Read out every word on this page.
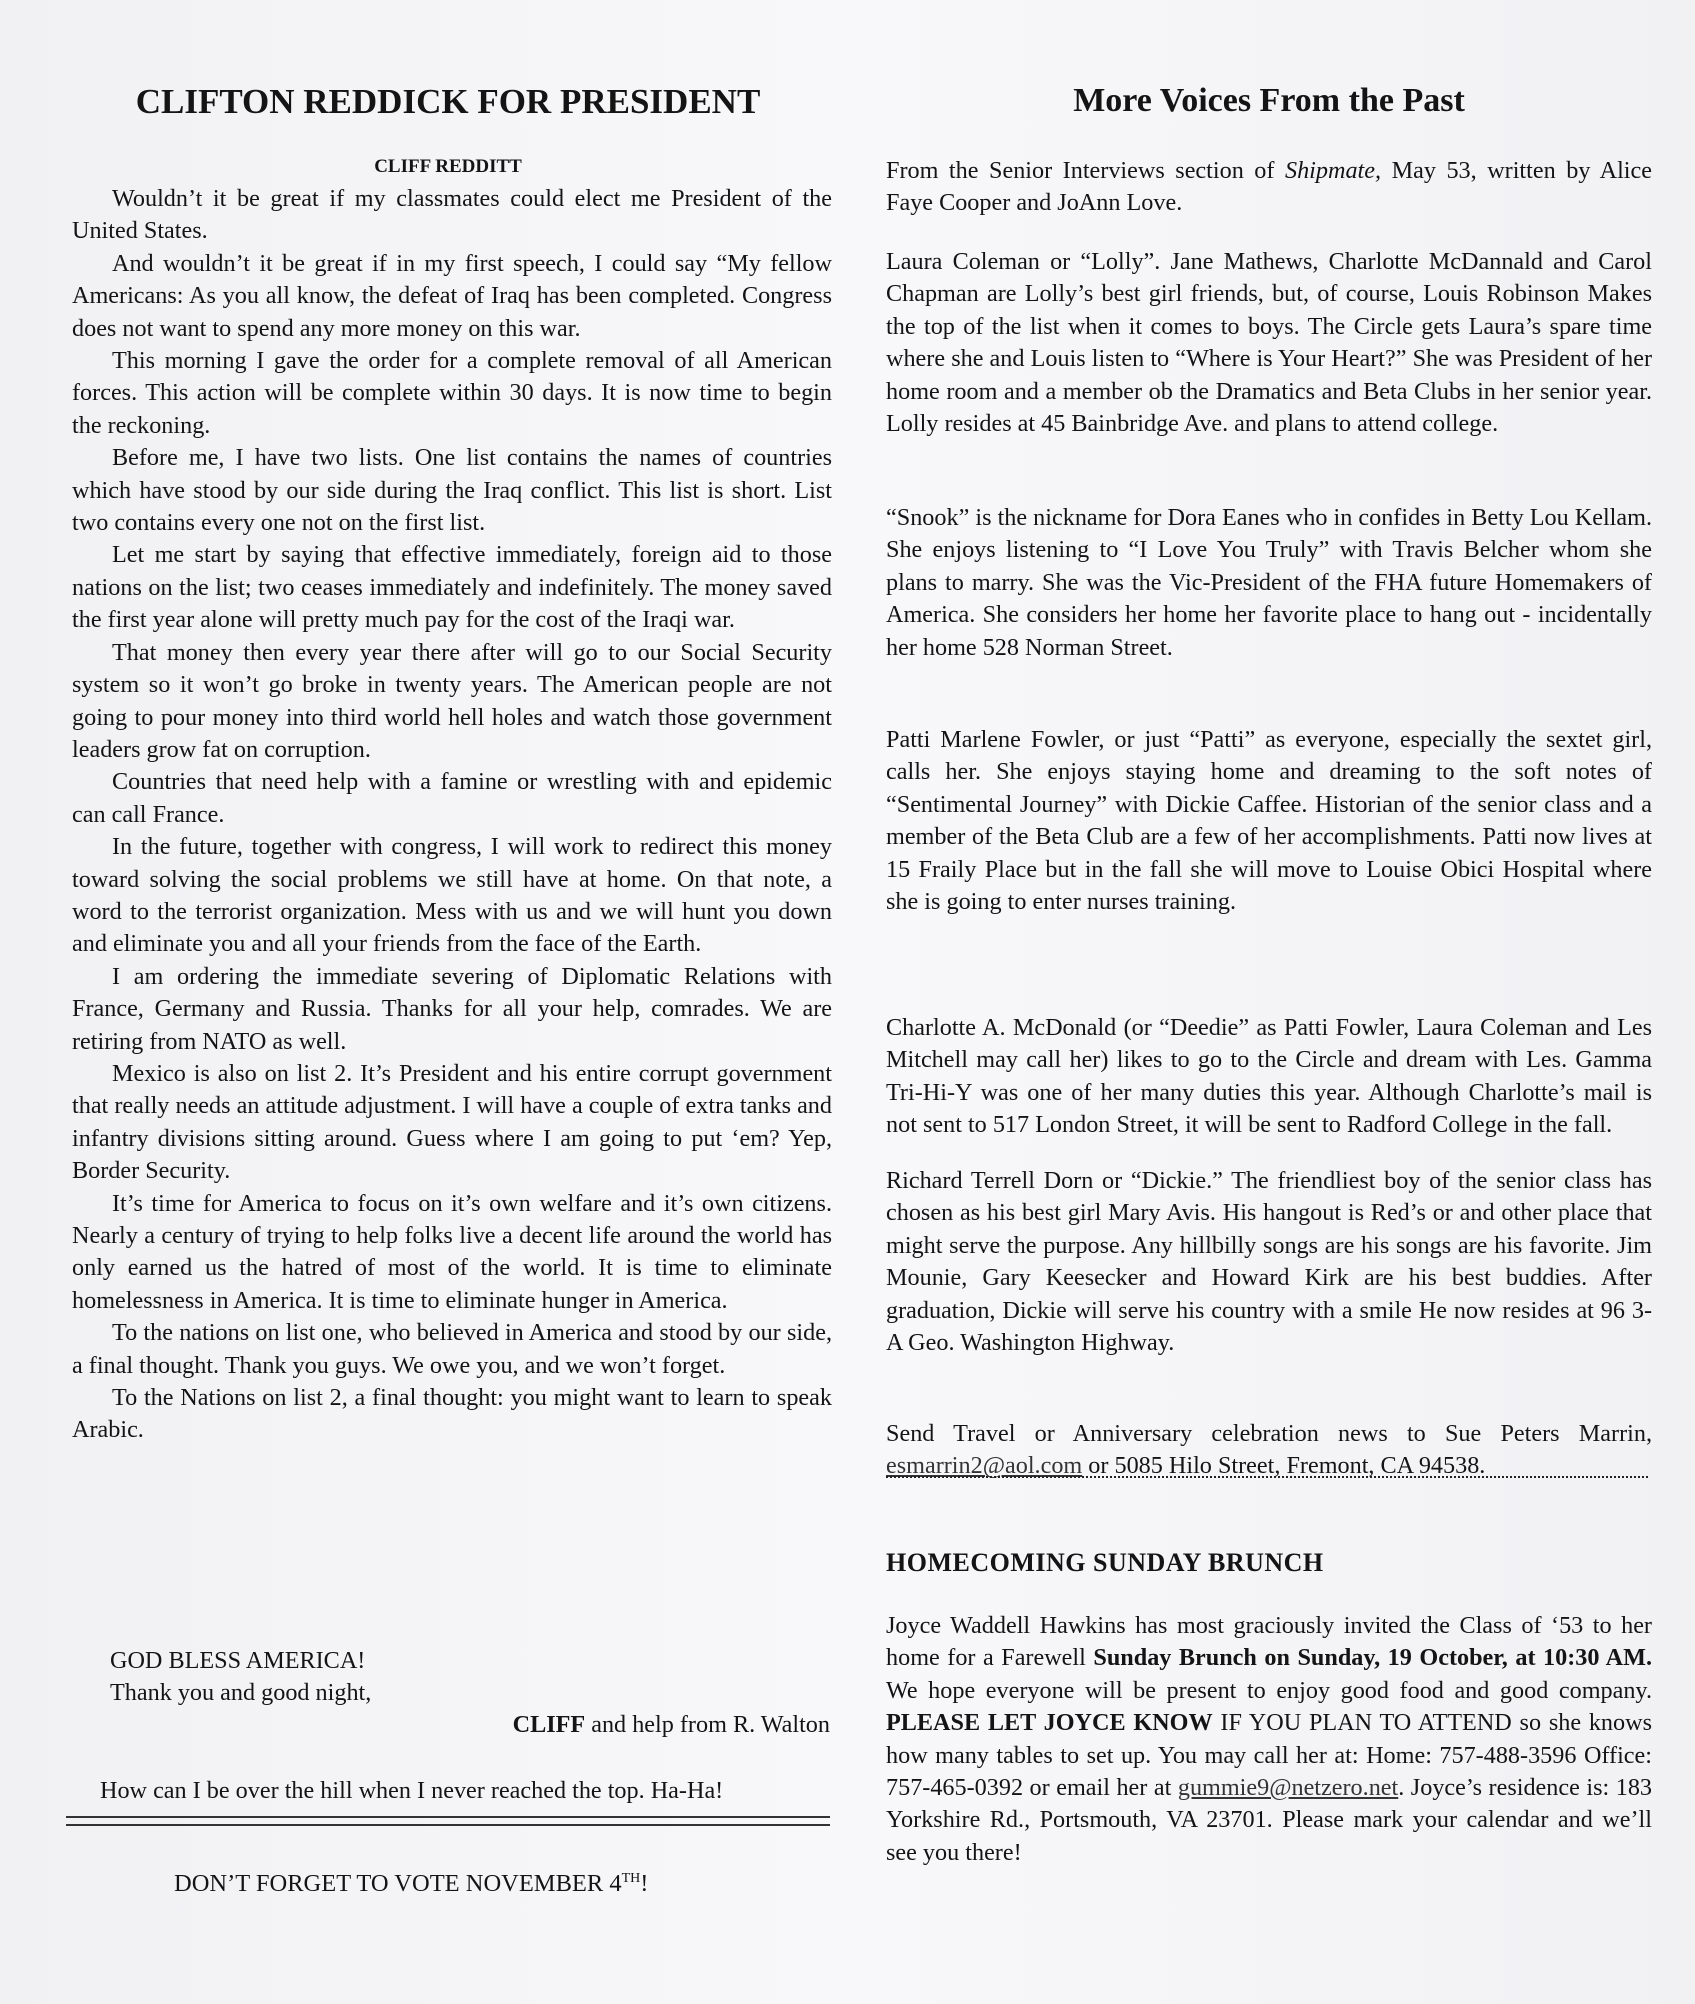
CLIFTON REDDICK FOR PRESIDENT
CLIFF REDDITT

Wouldn’t it be great if my classmates could elect me President of the United States.

And wouldn’t it be great if in my first speech, I could say “My fellow Americans: As you all know, the defeat of Iraq has been completed. Congress does not want to spend any more money on this war.

This morning I gave the order for a complete removal of all American forces. This action will be complete within 30 days. It is now time to begin the reckoning.

Before me, I have two lists. One list contains the names of countries which have stood by our side during the Iraq conflict. This list is short. List two contains every one not on the first list.

Let me start by saying that effective immediately, foreign aid to those nations on the list; two ceases immediately and indefinitely. The money saved the first year alone will pretty much pay for the cost of the Iraqi war.

That money then every year there after will go to our Social Security system so it won’t go broke in twenty years. The American people are not going to pour money into third world hell holes and watch those government leaders grow fat on corruption.

Countries that need help with a famine or wrestling with and epidemic can call France.

In the future, together with congress, I will work to redirect this money toward solving the social problems we still have at home. On that note, a word to the terrorist organization. Mess with us and we will hunt you down and eliminate you and all your friends from the face of the Earth.

I am ordering the immediate severing of Diplomatic Relations with France, Germany and Russia. Thanks for all your help, comrades. We are retiring from NATO as well.

Mexico is also on list 2. It’s President and his entire corrupt government that really needs an attitude adjustment. I will have a couple of extra tanks and infantry divisions sitting around. Guess where I am going to put ‘em? Yep, Border Security.

It’s time for America to focus on it’s own welfare and it’s own citizens. Nearly a century of trying to help folks live a decent life around the world has only earned us the hatred of most of the world. It is time to eliminate homelessness in America. It is time to eliminate hunger in America.

To the nations on list one, who believed in America and stood by our side, a final thought. Thank you guys. We owe you, and we won’t forget.

To the Nations on list 2, a final thought: you might want to learn to speak Arabic.

GOD BLESS AMERICA!
Thank you and good night,
CLIFF and help from R. Walton
How can I be over the hill when I never reached the top. Ha-Ha!
DON’T FORGET TO VOTE NOVEMBER 4TH!
More Voices From the Past

From the Senior Interviews section of Shipmate, May 53, written by Alice Faye Cooper and JoAnn Love.

Laura Coleman or “Lolly”. Jane Mathews, Charlotte McDannald and Carol Chapman are Lolly’s best girl friends, but, of course, Louis Robinson Makes the top of the list when it comes to boys. The Circle gets Laura’s spare time where she and Louis listen to “Where is Your Heart?” She was President of her home room and a member ob the Dramatics and Beta Clubs in her senior year. Lolly resides at 45 Bainbridge Ave. and plans to attend college.

“Snook” is the nickname for Dora Eanes who in confides in Betty Lou Kellam. She enjoys listening to “I Love You Truly” with Travis Belcher whom she plans to marry. She was the Vic-President of the FHA future Homemakers of America. She considers her home her favorite place to hang out - incidentally her home 528 Norman Street.

Patti Marlene Fowler, or just “Patti” as everyone, especially the sextet girl, calls her. She enjoys staying home and dreaming to the soft notes of “Sentimental Journey” with Dickie Caffee. Historian of the senior class and a member of the Beta Club are a few of her accomplishments. Patti now lives at 15 Fraily Place but in the fall she will move to Louise Obici Hospital where she is going to enter nurses training.

Charlotte A. McDonald (or “Deedie” as Patti Fowler, Laura Coleman and Les Mitchell may call her) likes to go to the Circle and dream with Les. Gamma Tri-Hi-Y was one of her many duties this year. Although Charlotte’s mail is not sent to 517 London Street, it will be sent to Radford College in the fall.

Richard Terrell Dorn or “Dickie.” The friendliest boy of the senior class has chosen as his best girl Mary Avis. His hangout is Red’s or and other place that might serve the purpose. Any hillbilly songs are his songs are his favorite. Jim Mounie, Gary Keesecker and Howard Kirk are his best buddies. After graduation, Dickie will serve his country with a smile He now resides at 96 3-A Geo. Washington Highway.

Send Travel or Anniversary celebration news to Sue Peters Marrin, esmarrin2@aol.com or 5085 Hilo Street, Fremont, CA 94538.

HOMECOMING SUNDAY BRUNCH

Joyce Waddell Hawkins has most graciously invited the Class of ‘53 to her home for a Farewell Sunday Brunch on Sunday, 19 October, at 10:30 AM. We hope everyone will be present to enjoy good food and good company. PLEASE LET JOYCE KNOW IF YOU PLAN TO ATTEND so she knows how many tables to set up. You may call her at: Home: 757-488-3596 Office: 757-465-0392 or email her at gummie9@netzero.net. Joyce’s residence is: 183 Yorkshire Rd., Portsmouth, VA 23701. Please mark your calendar and we’ll see you there!
